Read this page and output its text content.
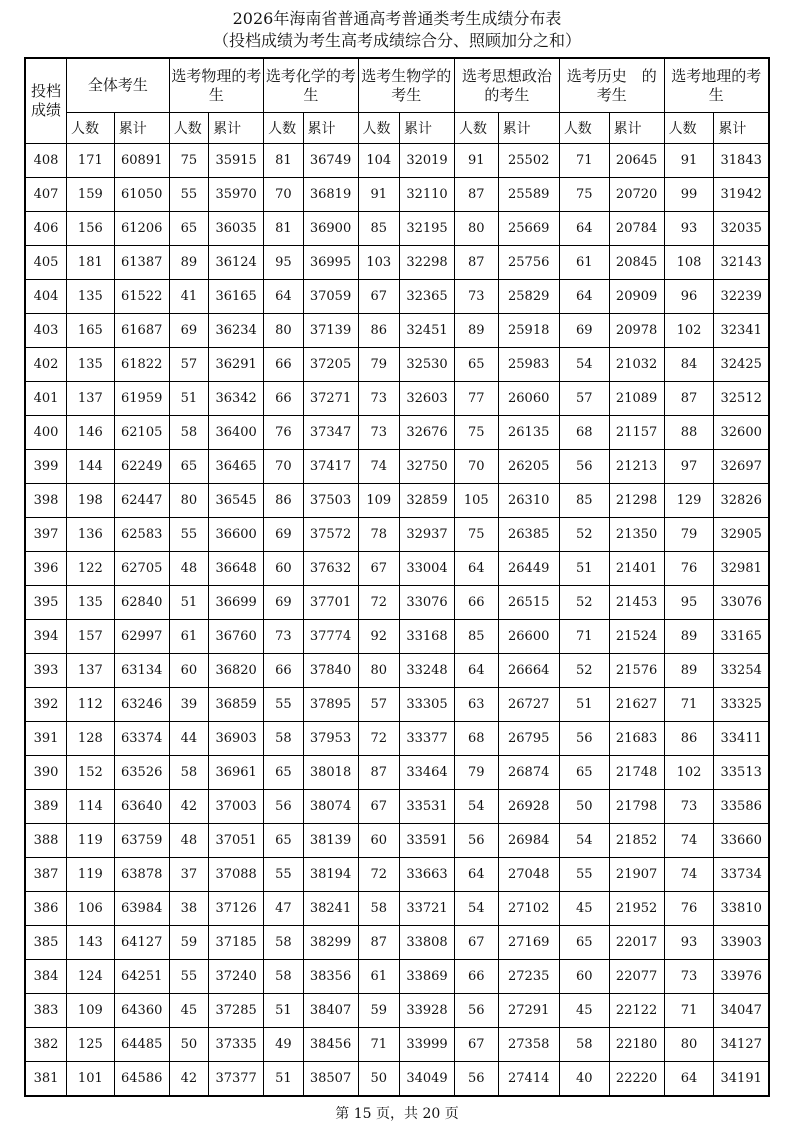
2026年海南省普通高考普通类考生成绩分布表
（投档成绩为考生高考成绩综合分、照顾加分之和）
投档成绩	全体考生		选考物理的考生		选考化学的考生		选考生物学的考生		选考思想政治的考生		选考历史　的考生		选考地理的考生	
	人数	累计	人数	累计	人数	累计	人数	累计	人数	累计	人数	累计	人数	累计
408	171	60891	75	35915	81	36749	104	32019	91	25502	71	20645	91	31843
407	159	61050	55	35970	70	36819	91	32110	87	25589	75	20720	99	31942
406	156	61206	65	36035	81	36900	85	32195	80	25669	64	20784	93	32035
405	181	61387	89	36124	95	36995	103	32298	87	25756	61	20845	108	32143
404	135	61522	41	36165	64	37059	67	32365	73	25829	64	20909	96	32239
403	165	61687	69	36234	80	37139	86	32451	89	25918	69	20978	102	32341
402	135	61822	57	36291	66	37205	79	32530	65	25983	54	21032	84	32425
401	137	61959	51	36342	66	37271	73	32603	77	26060	57	21089	87	32512
400	146	62105	58	36400	76	37347	73	32676	75	26135	68	21157	88	32600
399	144	62249	65	36465	70	37417	74	32750	70	26205	56	21213	97	32697
398	198	62447	80	36545	86	37503	109	32859	105	26310	85	21298	129	32826
397	136	62583	55	36600	69	37572	78	32937	75	26385	52	21350	79	32905
396	122	62705	48	36648	60	37632	67	33004	64	26449	51	21401	76	32981
395	135	62840	51	36699	69	37701	72	33076	66	26515	52	21453	95	33076
394	157	62997	61	36760	73	37774	92	33168	85	26600	71	21524	89	33165
393	137	63134	60	36820	66	37840	80	33248	64	26664	52	21576	89	33254
392	112	63246	39	36859	55	37895	57	33305	63	26727	51	21627	71	33325
391	128	63374	44	36903	58	37953	72	33377	68	26795	56	21683	86	33411
390	152	63526	58	36961	65	38018	87	33464	79	26874	65	21748	102	33513
389	114	63640	42	37003	56	38074	67	33531	54	26928	50	21798	73	33586
388	119	63759	48	37051	65	38139	60	33591	56	26984	54	21852	74	33660
387	119	63878	37	37088	55	38194	72	33663	64	27048	55	21907	74	33734
386	106	63984	38	37126	47	38241	58	33721	54	27102	45	21952	76	33810
385	143	64127	59	37185	58	38299	87	33808	67	27169	65	22017	93	33903
384	124	64251	55	37240	58	38356	61	33869	66	27235	60	22077	73	33976
383	109	64360	45	37285	51	38407	59	33928	56	27291	45	22122	71	34047
382	125	64485	50	37335	49	38456	71	33999	67	27358	58	22180	80	34127
381	101	64586	42	37377	51	38507	50	34049	56	27414	40	22220	64	34191
第 15 页，共 20 页
